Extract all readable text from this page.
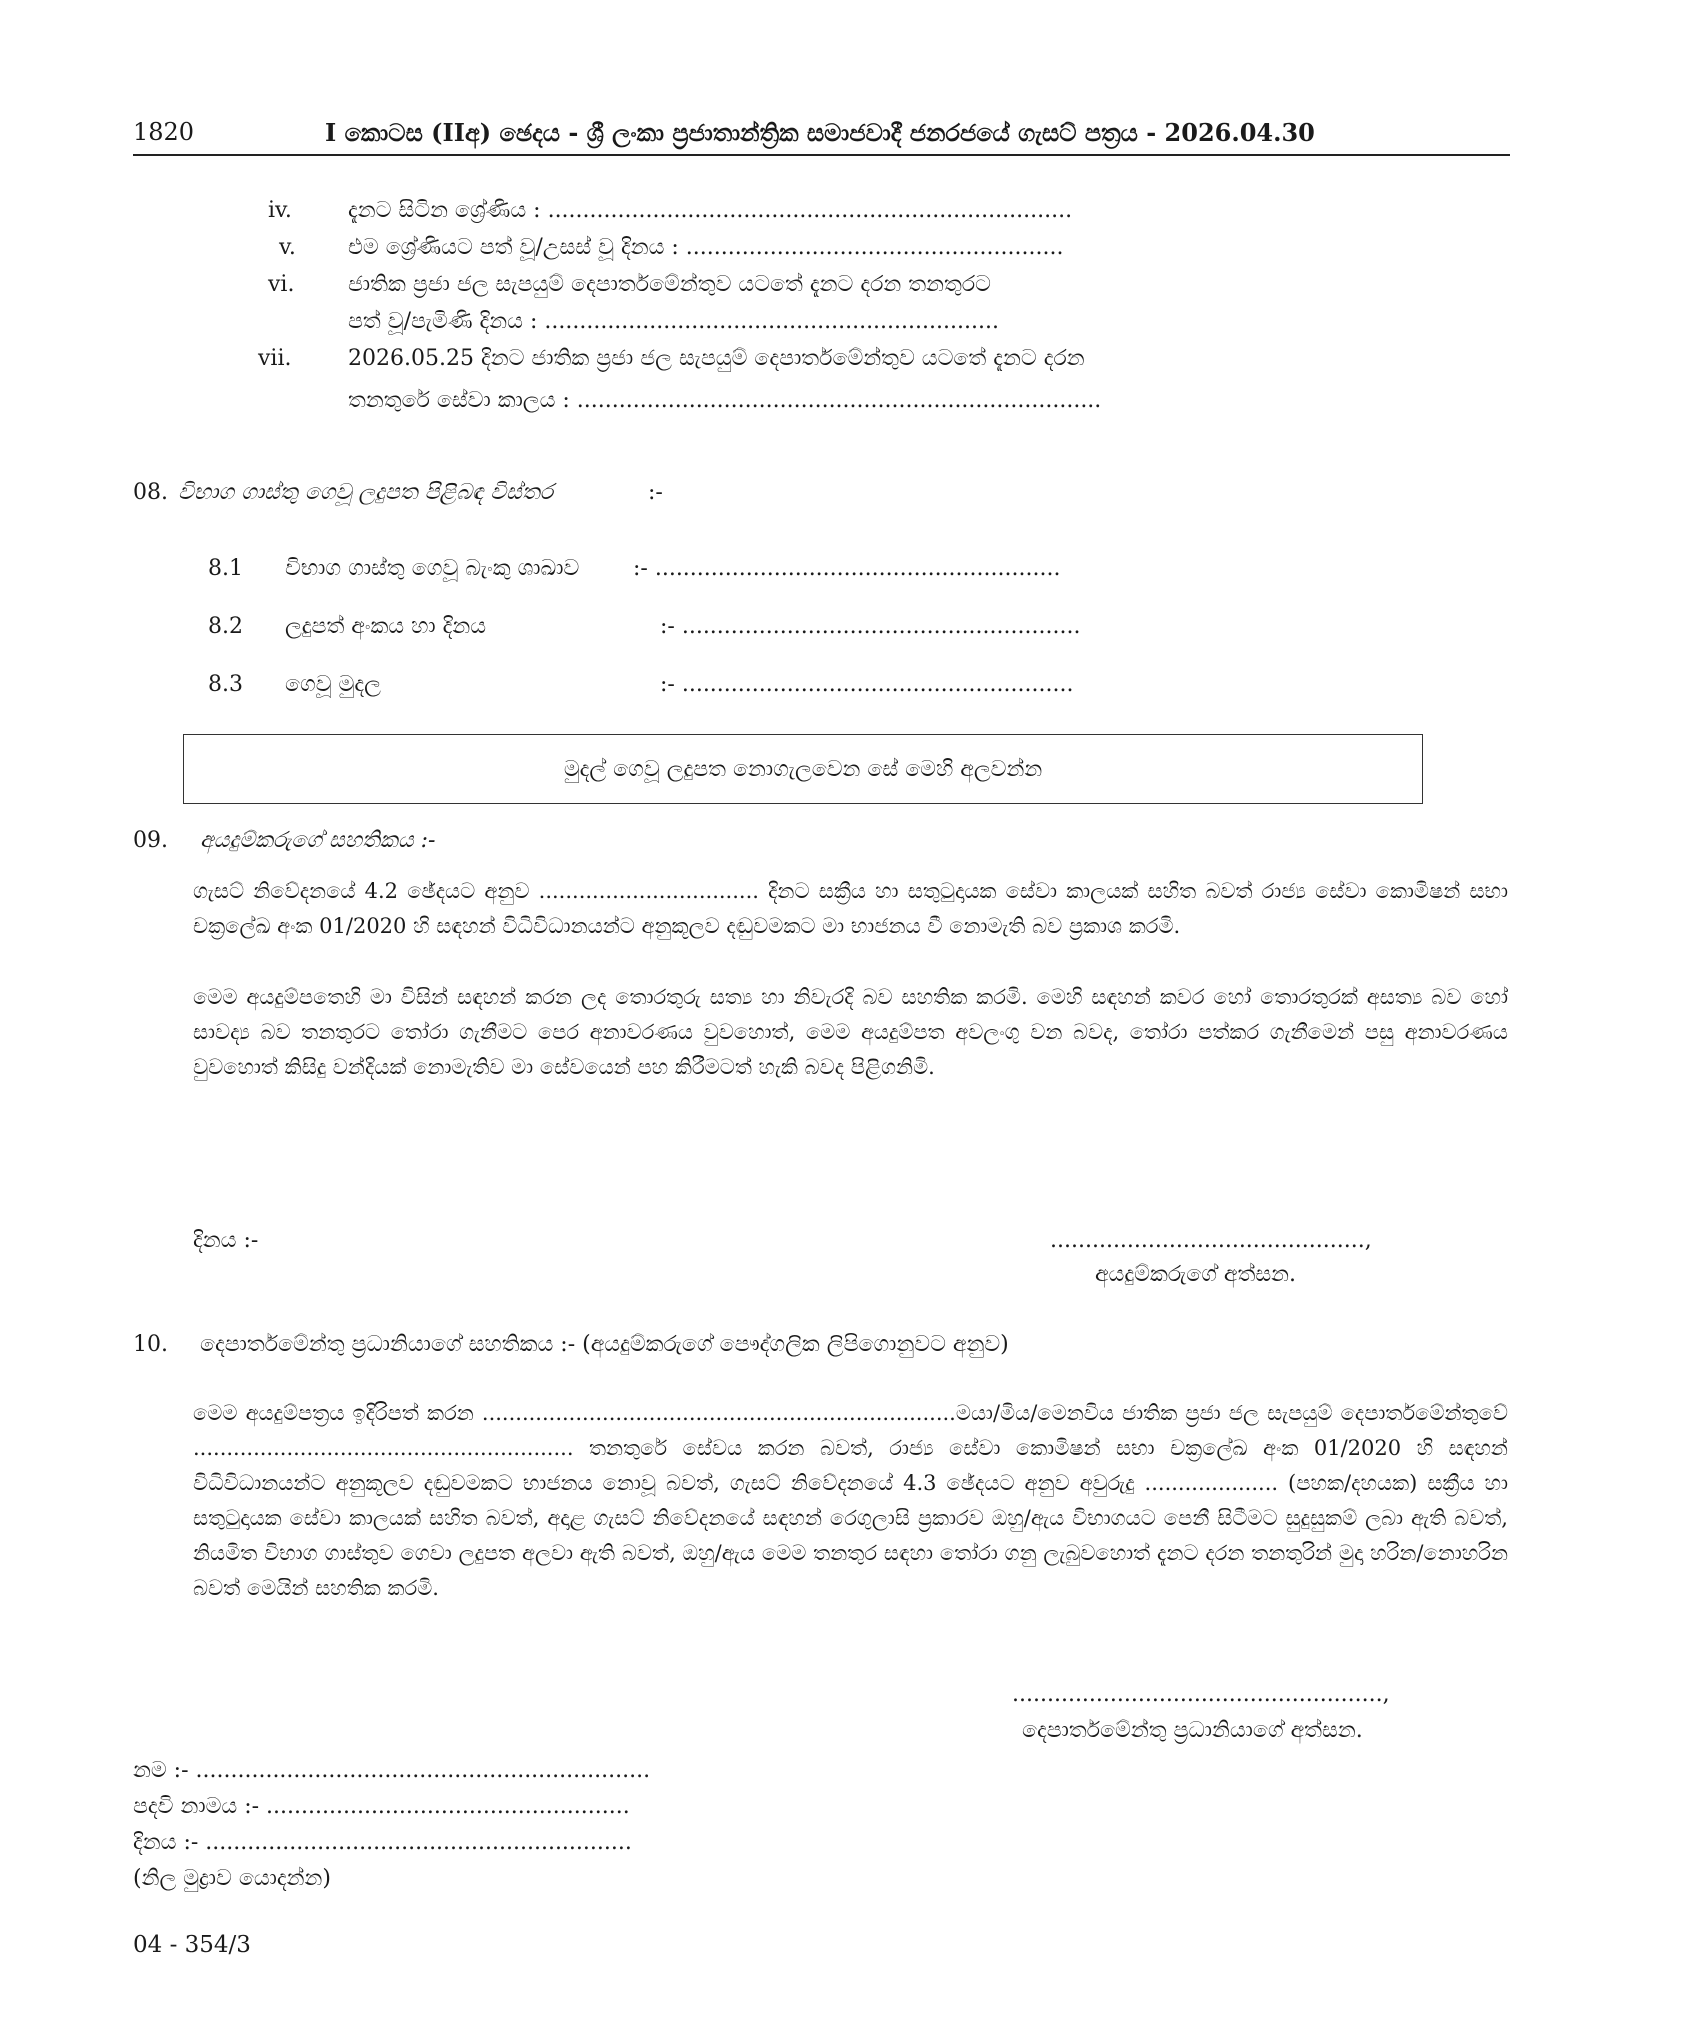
1820	I කොටස (IIඅ) ඡෙදය - ශ්‍රී ලංකා ප්‍රජාතාන්ත්‍රික සමාජවාදී ජනරජයේ ගැසට් පත්‍රය - 2026.04.30
iv.	දැනට සිටින ශ්‍රේණිය : ...........................................................................
v. එම ශ්‍රේණියට පත් වූ/උසස් වූ දිනය : ......................................................
vi. ජාතික ප්‍රජා ජල සැපයුම් දෙපාර්තමේන්තුව යටතේ දැනට දරන තනතුරට
පත් වූ/පැමිණි දිනය : .................................................................
vii.	2026.05.25 දිනට ජාතික ප්‍රජා ජල සැපයුම් දෙපාර්තමේන්තුව යටතේ දැනට දරන
තනතුරේ සේවා කාලය : ...........................................................................
08. විභාග ගාස්තු ගෙවූ ලදුපත පිළිබඳ විස්තර	:-
8.1 විභාග ගාස්තු ගෙවූ බැංකු ශාඛාව :- ..........................................................
8.2 ලදුපත් අංකය හා දිනය	:- .........................................................
8.3 ගෙවූ මුදල	:- ........................................................
මුදල් ගෙවූ ලදුපත නොගැලවෙන සේ මෙහි අලවන්න
09. අයදුම්කරුගේ සහතිකය :-
ගැසට් නිවේදනයේ 4.2 ඡේදයට අනුව ................................. දිනට සක්‍රීය හා සතුටුදායක සේවා කාලයක් සහිත බවත් රාජ්‍ය සේවා කොමිෂන් සභා චක්‍රලේඛ අංක 01/2020 හි සඳහන් විධිවිධානයන්ට අනුකූලව දඬුවමකට මා භාජනය වී නොමැති බව ප්‍රකාශ කරමි.
මෙම අයදුම්පතෙහි මා විසින් සඳහන් කරන ලද තොරතුරු සත්‍ය හා නිවැරදි බව සහතික කරමි. මෙහි සඳහන් කවර හෝ තොරතුරක් අසත්‍ය බව හෝ සාවද්‍ය බව තනතුරට තෝරා ගැනීමට පෙර අනාවරණය වුවහොත්, මෙම අයදුම්පත අවලංගු වන බවද, තෝරා පත්කර ගැනීමෙන් පසු අනාවරණය වුවහොත් කිසිදු වන්දියක් නොමැතිව මා සේවයෙන් පහ කිරීමටත් හැකි බවද පිළිගනිමි.
දිනය :-	.............................................,
අයදුම්කරුගේ අත්සන.
10. දෙපාර්තමේන්තු ප්‍රධානියාගේ සහතිකය :- (අයදුම්කරුගේ පෞද්ගලික ලිපිගොනුවට අනුව)
මෙම අයදුම්පත්‍රය ඉදිරිපත් කරන .......................................................................මයා/මිය/මෙනවිය ජාතික ප්‍රජා ජල සැපයුම් දෙපාර්තමේන්තුවේ ......................................................... තනතුරේ සේවය කරන බවත්, රාජ්‍ය සේවා කොමිෂන් සභා චක්‍රලේඛ අංක 01/2020 හි සඳහන් විධිවිධානයන්ට අනුකූලව දඬුවමකට භාජනය නොවූ බවත්, ගැසට් නිවේදනයේ 4.3 ඡේදයට අනුව අවුරුදු .................... (පහක/දහයක) සක්‍රීය හා සතුටුදායක සේවා කාලයක් සහිත බවත්, අදාළ ගැසට් නිවේදනයේ සඳහන් රෙගුලාසි ප්‍රකාරව ඔහු/ඇය විභාගයට පෙනී සිටීමට සුදුසුකම් ලබා ඇති බවත්, නියමිත විභාග ගාස්තුව ගෙවා ලදුපත අලවා ඇති බවත්, ඔහු/ඇය මෙම තනතුර සඳහා තෝරා ගනු ලැබුවහොත් දැනට දරන තනතුරින් මුදා හරින/නොහරින බවත් මෙයින් සහතික කරමි.
.....................................................,
දෙපාර්තමේන්තු ප්‍රධානියාගේ අත්සන.
නම :- .................................................................
පදවි නාමය :- ....................................................
දිනය :- .............................................................
(නිල මුද්‍රාව යොදන්න)
04 - 354/3
